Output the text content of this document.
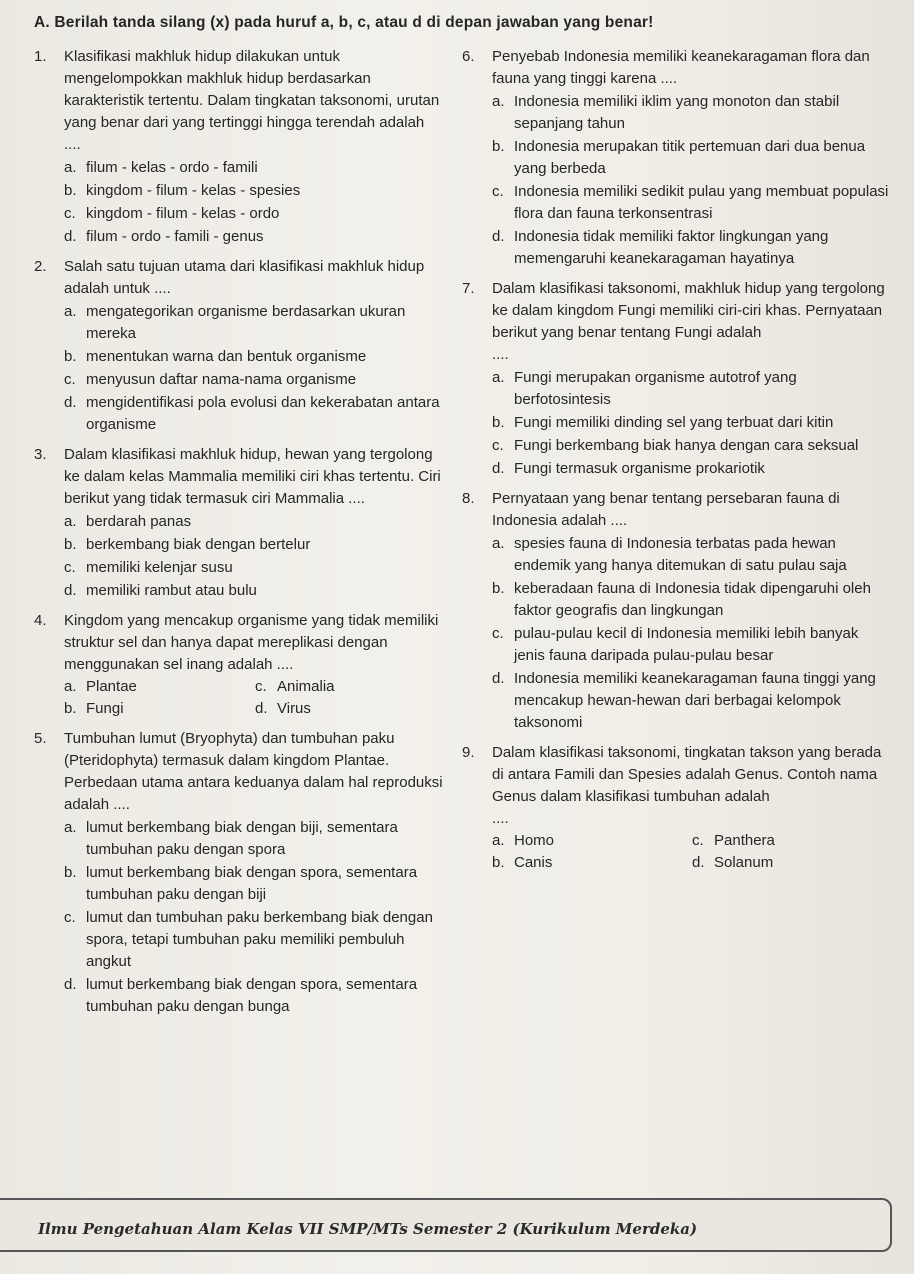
A. Berilah tanda silang (x) pada huruf a, b, c, atau d di depan jawaban yang benar!
1.	Klasifikasi makhluk hidup dilakukan untuk mengelompokkan makhluk hidup berdasarkan karakteristik tertentu. Dalam tingkatan taksonomi, urutan yang benar dari yang tertinggi hingga terendah adalah
....
a. filum - kelas - ordo - famili
b. kingdom - filum - kelas - spesies
c. kingdom - filum - kelas - ordo
d. filum - ordo - famili - genus
2.	Salah satu tujuan utama dari klasifikasi makhluk hidup adalah untuk ....
a. mengategorikan organisme berdasarkan ukuran mereka
b. menentukan warna dan bentuk organisme
c. menyusun daftar nama-nama organisme
d. mengidentifikasi pola evolusi dan kekerabatan antara organisme
3.	Dalam klasifikasi makhluk hidup, hewan yang tergolong ke dalam kelas Mammalia memiliki ciri khas tertentu. Ciri berikut yang tidak termasuk ciri Mammalia ....
a. berdarah panas
b. berkembang biak dengan bertelur
c. memiliki kelenjar susu
d. memiliki rambut atau bulu
4.	Kingdom yang mencakup organisme yang tidak memiliki struktur sel dan hanya dapat mereplikasi dengan menggunakan sel inang adalah ....
a. Plantae	c. Animalia
b. Fungi	d. Virus
5.	Tumbuhan lumut (Bryophyta) dan tumbuhan paku (Pteridophyta) termasuk dalam kingdom Plantae. Perbedaan utama antara keduanya dalam hal reproduksi adalah ....
a. lumut berkembang biak dengan biji, sementara tumbuhan paku dengan spora
b. lumut berkembang biak dengan spora, sementara tumbuhan paku dengan biji
c. lumut dan tumbuhan paku berkembang biak dengan spora, tetapi tumbuhan paku memiliki pembuluh angkut
d. lumut berkembang biak dengan spora, sementara tumbuhan paku dengan bunga
6.	Penyebab Indonesia memiliki keanekaragaman flora dan fauna yang tinggi karena ....
a. Indonesia memiliki iklim yang monoton dan stabil sepanjang tahun
b. Indonesia merupakan titik pertemuan dari dua benua yang berbeda
c. Indonesia memiliki sedikit pulau yang membuat populasi flora dan fauna terkonsentrasi
d. Indonesia tidak memiliki faktor lingkungan yang memengaruhi keanekaragaman hayatinya
7.	Dalam klasifikasi taksonomi, makhluk hidup yang tergolong ke dalam kingdom Fungi memiliki ciri-ciri khas. Pernyataan berikut yang benar tentang Fungi adalah
....
a. Fungi merupakan organisme autotrof yang berfotosintesis
b. Fungi memiliki dinding sel yang terbuat dari kitin
c. Fungi berkembang biak hanya dengan cara seksual
d. Fungi termasuk organisme prokariotik
8.	Pernyataan yang benar tentang persebaran fauna di Indonesia adalah ....
a. spesies fauna di Indonesia terbatas pada hewan endemik yang hanya ditemukan di satu pulau saja
b. keberadaan fauna di Indonesia tidak dipengaruhi oleh faktor geografis dan lingkungan
c. pulau-pulau kecil di Indonesia memiliki lebih banyak jenis fauna daripada pulau-pulau besar
d. Indonesia memiliki keanekaragaman fauna tinggi yang mencakup hewan-hewan dari berbagai kelompok taksonomi
9.	Dalam klasifikasi taksonomi, tingkatan takson yang berada di antara Famili dan Spesies adalah Genus. Contoh nama Genus dalam klasifikasi tumbuhan adalah
....
a. Homo	c. Panthera
b. Canis	d. Solanum
Ilmu Pengetahuan Alam Kelas VII SMP/MTs Semester 2 (Kurikulum Merdeka)
